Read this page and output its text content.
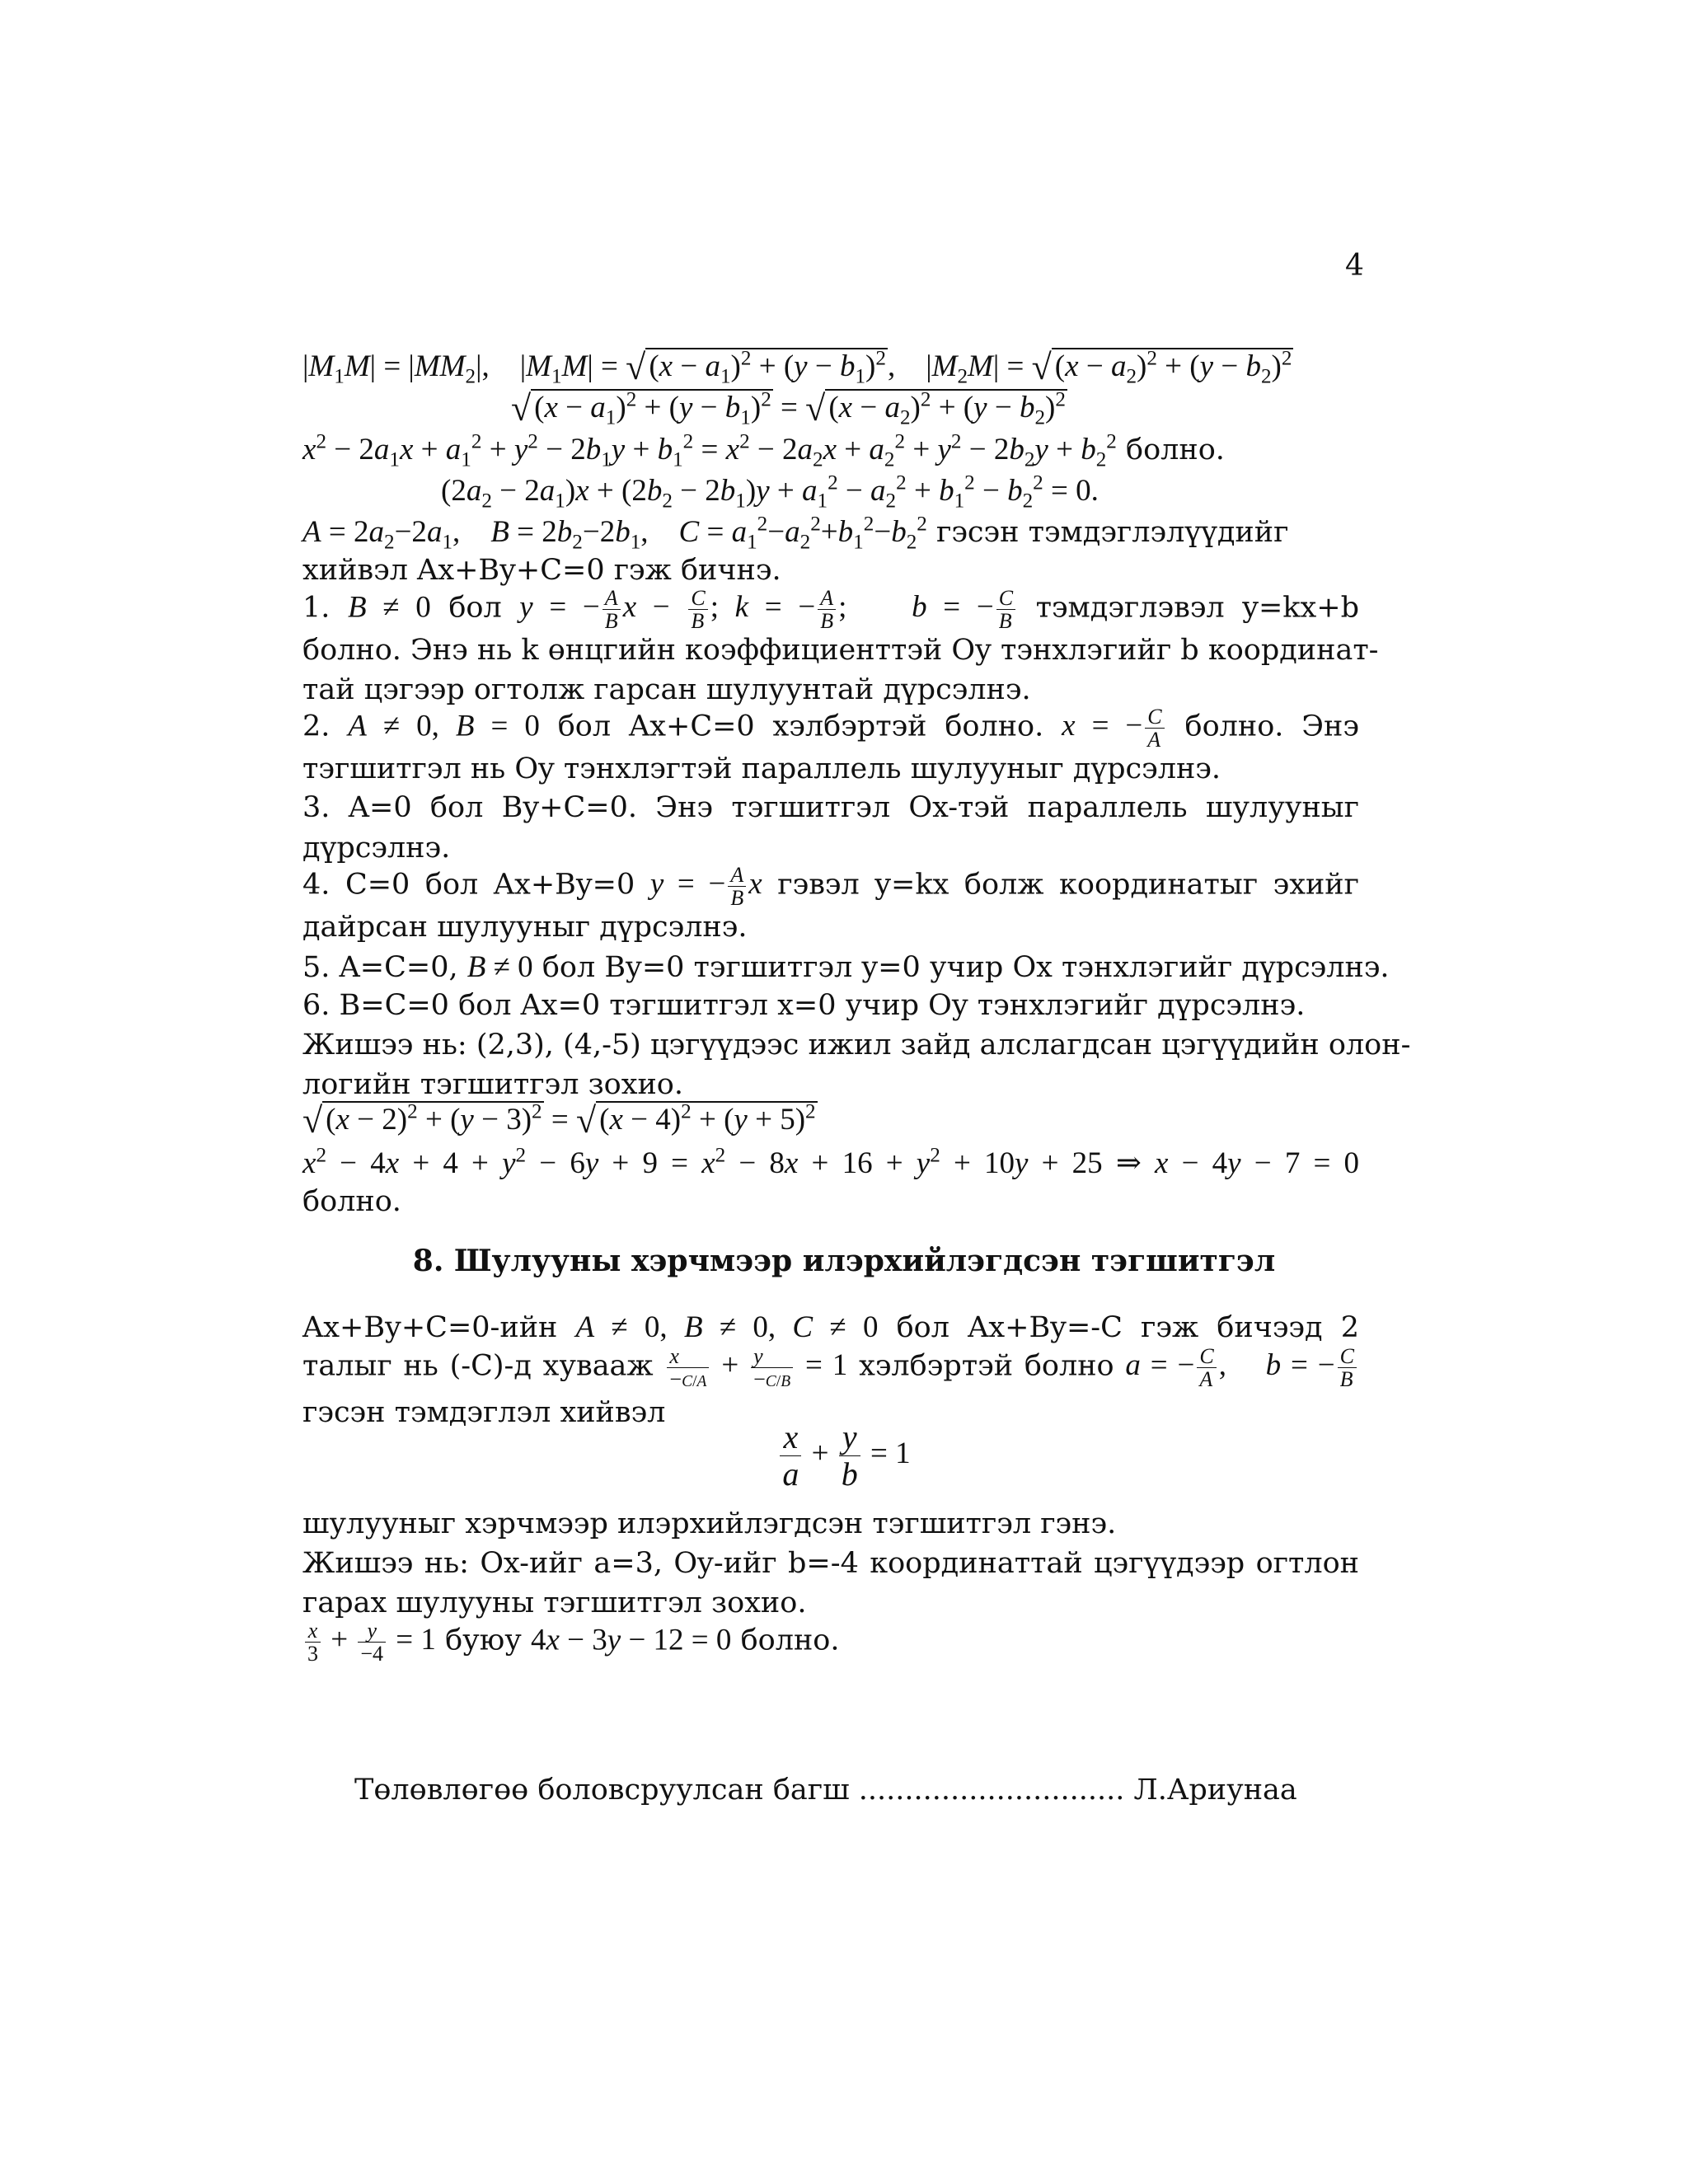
4
$|M_1M| = |MM_2|$,    $|M_1M|$ = √ $(x - a_1)^2 + (y - b_1)^2$,    $|M_2M|$ = √ $(x - a_2)^2 + (y - b_2)^2$
√ $(x - a_1)^2 + (y - b_1)^2$ = √ $(x - a_2)^2 + (y - b_2)^2$
$x^2 - 2a_1x + a_1^2 + y^2 - 2b_1y + b_1^2 = x^2 - 2a_2x + a_2^2 + y^2 - 2b_2y + b_2^2$ болно.
$(2a_2 - 2a_1)x + (2b_2 - 2b_1)y + a_1^2 - a_2^2 + b_1^2 - b_2^2 = 0$.
$A = 2a_2-2a_1$,    $B = 2b_2-2b_1$,    $C = a_1^2-a_2^2+b_1^2-b_2^2$ гэсэн тэмдэглэлүүдийг
хийвэл Ax+By+C=0 гэж бичнэ.
1. B ≠ 0 бол y = − $\frac{A}{B}$ $x - \frac{C}{B}$ ; k = − $\frac{A}{B}$ ;    b = − $\frac{C}{B}$ тэмдэглэвэл y=kx+b
болно. Энэ нь k өнцгийн коэффициенттэй Оy тэнхлэгийг b координат-
тай цэгээр огтолж гарсан шулуунтай дүрсэлнэ.
2. A ≠ 0, B = 0 бол Ax+C=0 хэлбэртэй болно. x = − $\frac{C}{A}$ болно. Энэ
тэгшитгэл нь Оy тэнхлэгтэй параллель шулууныг дүрсэлнэ.
3. A=0 бол By+C=0. Энэ тэгшитгэл Ox-тэй параллель шулууныг
дүрсэлнэ.
4. C=0 бол Ax+By=0 y = − $\frac{A}{B}$ x гэвэл y=kx болж координатыг эхийг
дайрсан шулууныг дүрсэлнэ.
5. A=C=0, B ≠ 0 бол By=0 тэгшитгэл y=0 учир Ox тэнхлэгийг дүрсэлнэ.
6. B=C=0 бол Ax=0 тэгшитгэл x=0 учир Оy тэнхлэгийг дүрсэлнэ.
Жишээ нь: (2,3), (4,-5) цэгүүдээс ижил зайд алслагдсан цэгүүдийн олон-
логийн тэгшитгэл зохио.
√ $(x - 2)^2 + (y - 3)^2$ = √ $(x - 4)^2 + (y + 5)^2$
$x^2 - 4x + 4 + y^2 - 6y + 9 = x^2 - 8x + 16 + y^2 + 10y + 25$ ⇒ x − 4y − 7 = 0
болно.
8. Шулууны хэрчмээр илэрхийлэгдсэн тэгшитгэл
Ax+By+C=0-ийн A ≠ 0, B ≠ 0, C ≠ 0 бол Ax+By=-C гэж бичээд 2
талыг нь (-C)-д хувааж $\frac{x}{-C/A} + \frac{y}{-C/B} = 1$ хэлбэртэй болно a = − $\frac{C}{A}$ ,    b = − $\frac{C}{B}$
гэсэн тэмдэглэл хийвэл
$\frac{x}{a} + \frac{y}{b} = 1$
шулууныг хэрчмээр илэрхийлэгдсэн тэгшитгэл гэнэ.
Жишээ нь: Ox-ийг a=3, Оy-ийг b=-4 координаттай цэгүүдээр огтлон
гарах шулууны тэгшитгэл зохио.
$\frac{x}{3} + \frac{y}{-4} = 1$ буюу 4x − 3y − 12 = 0 болно.
Төлөвлөгөө боловсруулсан багш ............................. Л.Ариунаа
